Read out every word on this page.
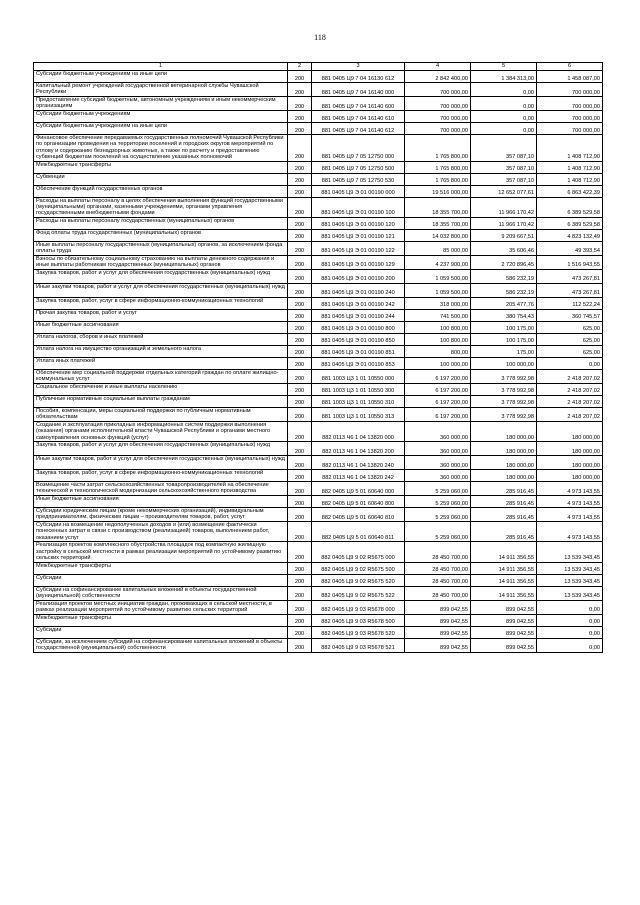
118
1	2	3	4	5	6
Субсидии бюджетным учреждениям на иные цели	200	881 0405 Ц9 7 04 16130 612	2 842 400,00	1 384 313,00	1 458 087,00
Капитальный ремонт учреждений государственной ветеринарной службы Чувашской Республики	200	881 0405 Ц9 7 04 16140 000	700 000,00	0,00	700 000,00
Предоставление субсидий бюджетным, автономным учреждениям и иным некоммерческим организациям	200	881 0405 Ц9 7 04 16140 600	700 000,00	0,00	700 000,00
Субсидии бюджетным учреждениям	200	881 0405 Ц9 7 04 16140 610	700 000,00	0,00	700 000,00
Субсидии бюджетным учреждениям на иные цели	200	881 0405 Ц9 7 04 16140 612	700 000,00	0,00	700 000,00
Финансовое обеспечение передаваемых государственных полномочий Чувашской Республики по организации проведения на территории поселений и городских округов мероприятий по отлову и содержанию безнадзорных животных, а также по расчету и предоставлению субвенций бюджетам поселений на осуществление указанных полномочий	200	881 0405 Ц9 7 05 12750 000	1 765 800,00	357 087,10	1 408 712,90
Межбюджетные трансферты	200	881 0405 Ц9 7 05 12750 500	1 765 800,00	357 087,10	1 408 712,90
Субвенции	200	881 0405 Ц9 7 05 12750 530	1 765 800,00	357 087,10	1 408 712,90
Обеспечение функций государственных органов	200	881 0405 Ц9 Э 01 00190 000	19 516 000,00	12 652 077,61	6 863 422,39
Расходы на выплаты персоналу в целях обеспечения выполнения функций государственными (муниципальными) органами, казенными учреждениями, органами управления государственными внебюджетными фондами	200	881 0405 Ц9 Э 01 00190 100	18 355 700,00	11 966 170,42	6 389 529,58
Расходы на выплаты персоналу государственных (муниципальных) органов	200	881 0405 Ц9 Э 01 00190 120	18 355 700,00	11 966 170,42	6 389 529,58
Фонд оплаты труда государственных (муниципальных) органов	200	881 0405 Ц9 Э 01 00190 121	14 032 800,00	9 209 667,51	4 823 132,49
Иные выплаты персоналу государственных (муниципальных) органов, за исключением фонда оплаты труда	200	881 0405 Ц9 Э 01 00190 122	85 000,00	35 606,46	49 393,54
Взносы по обязательному социальному страхованию на выплаты денежного содержания и иные выплаты работникам государственных (муниципальных) органов	200	881 0405 Ц9 Э 01 00190 129	4 237 900,00	2 720 896,45	1 516 943,55
Закупка товаров, работ и услуг для обеспечения государственных (муниципальных) нужд	200	881 0405 Ц9 Э 01 00190 200	1 059 500,00	586 232,19	473 267,81
Иные закупки товаров, работ и услуг для обеспечения государственных (муниципальных) нужд	200	881 0405 Ц9 Э 01 00190 240	1 059 500,00	586 232,19	473 267,81
Закупка товаров, работ, услуг в сфере информационно-коммуникационных технологий	200	881 0405 Ц9 Э 01 00190 242	318 000,00	205 477,76	112 522,24
Прочая закупка товаров, работ и услуг	200	881 0405 Ц9 Э 01 00190 244	741 500,00	380 754,43	360 745,57
Иные бюджетные ассигнования	200	881 0405 Ц9 Э 01 00190 800	100 800,00	100 175,00	625,00
Уплата налогов, сборов и иных платежей	200	881 0405 Ц9 Э 01 00190 850	100 800,00	100 175,00	625,00
Уплата налога на имущество организаций и земельного налога	200	881 0405 Ц9 Э 01 00190 851	800,00	175,00	625,00
Уплата иных платежей	200	881 0405 Ц9 Э 01 00190 853	100 000,00	100 000,00	0,00
Обеспечение мер социальной поддержки отдельных категорий граждан по оплате жилищно-коммунальных услуг	200	881 1003 Ц3 1 01 10550 000	6 197 200,00	3 778 992,98	2 418 207,02
Социальное обеспечение и иные выплаты населению	200	881 1003 Ц3 1 01 10550 300	6 197 200,00	3 778 992,98	2 418 207,02
Публичные нормативные социальные выплаты гражданам	200	881 1003 Ц3 1 01 10550 310	6 197 200,00	3 778 992,98	2 418 207,02
Пособия, компенсации, меры социальной поддержки по публичным нормативным обязательствам	200	881 1003 Ц3 1 01 10550 313	6 197 200,00	3 778 992,98	2 418 207,02
Создание и эксплуатация прикладных информационных систем поддержки выполнения (оказания) органами исполнительной власти Чувашской Республики и органами местного самоуправления основных функций (услуг)	200	882 0113 Ч6 1 04 13820 000	360 000,00	180 000,00	180 000,00
Закупка товаров, работ и услуг для обеспечения государственных (муниципальных) нужд	200	882 0113 Ч6 1 04 13820 200	360 000,00	180 000,00	180 000,00
Иные закупки товаров, работ и услуг для обеспечения государственных (муниципальных) нужд	200	882 0113 Ч6 1 04 13820 240	360 000,00	180 000,00	180 000,00
Закупка товаров, работ, услуг в сфере информационно-коммуникационных технологий	200	882 0113 Ч6 1 04 13820 242	360 000,00	180 000,00	180 000,00
Возмещение части затрат сельскохозяйственных товаропроизводителей на обеспечение технической и технологической модернизации сельскохозяйственного производства	200	882 0405 Ц9 5 01 60640 000	5 259 060,00	285 916,45	4 973 143,55
Иные бюджетные ассигнования	200	882 0405 Ц9 5 01 60640 800	5 259 060,00	285 916,45	4 973 143,55
Субсидии юридическим лицам (кроме некоммерческих организаций), индивидуальным предпринимателям, физическим лицам – производителям товаров, работ, услуг	200	882 0405 Ц9 5 01 60640 810	5 259 060,00	285 916,45	4 973 143,55
Субсидии на возмещение недополученных доходов и (или) возмещение фактически понесенных затрат в связи с производством (реализацией) товаров, выполнением работ, оказанием услуг	200	882 0405 Ц9 5 01 60640 811	5 259 060,00	285 916,45	4 973 143,55
Реализация проектов комплексного обустройства площадок под компактную жилищную застройку в сельской местности в рамках реализации мероприятий по устойчивому развитию сельских территорий	200	882 0405 Ц9 9 02 R5675 000	28 450 700,00	14 911 356,55	13 539 343,45
Межбюджетные трансферты	200	882 0405 Ц9 9 02 R5675 500	28 450 700,00	14 911 356,55	13 539 343,45
Субсидии	200	882 0405 Ц9 9 02 R5675 520	28 450 700,00	14 911 356,55	13 539 343,45
Субсидии на софинансирование капитальных вложений в объекты государственной (муниципальной) собственности	200	882 0405 Ц9 9 02 R5675 522	28 450 700,00	14 911 356,55	13 539 343,45
Реализация проектов местных инициатив граждан, проживающих в сельской местности, в рамках реализации мероприятий по устойчивому развитию сельских территорий	200	882 0405 Ц9 9 03 R5678 000	899 042,55	899 042,55	0,00
Межбюджетные трансферты	200	882 0405 Ц9 9 03 R5678 500	899 042,55	899 042,55	0,00
Субсидии	200	882 0405 Ц9 9 03 R5678 520	899 042,55	899 042,55	0,00
Субсидии, за исключением субсидий на софинансирование капитальных вложений в объекты государственной (муниципальной) собственности	200	882 0405 Ц9 9 03 R5678 521	899 042,55	899 042,55	0,00
